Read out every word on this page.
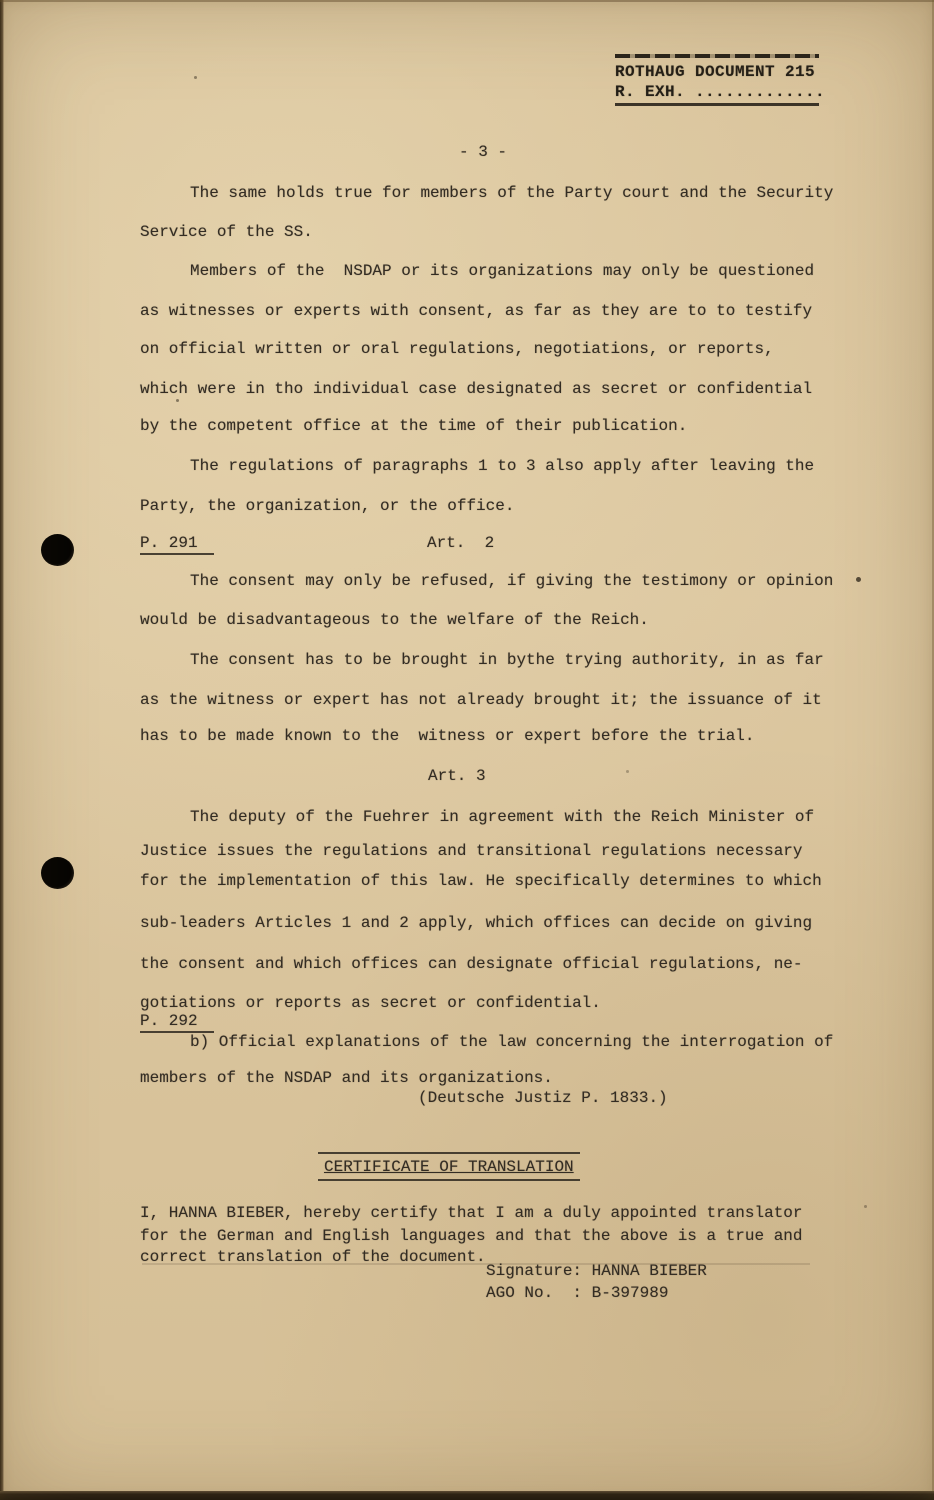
ROTHAUG DOCUMENT 215
R. EXH. .............
- 3 -
The same holds true for members of the Party court and the Security
Service of the SS.
Members of the  NSDAP or its organizations may only be questioned
as witnesses or experts with consent, as far as they are to to testify
on official written or oral regulations, negotiations, or reports,
which were in tho individual case designated as secret or confidential
by the competent office at the time of their publication.
The regulations of paragraphs 1 to 3 also apply after leaving the
Party, the organization, or the office.
P. 291	Art.  2
The consent may only be refused, if giving the testimony or opinion
would be disadvantageous to the welfare of the Reich.
The consent has to be brought in bythe trying authority, in as far
as the witness or expert has not already brought it; the issuance of it
has to be made known to the  witness or expert before the trial.
Art. 3
The deputy of the Fuehrer in agreement with the Reich Minister of
Justice issues the regulations and transitional regulations necessary
for the implementation of this law. He specifically determines to which
sub-leaders Articles 1 and 2 apply, which offices can decide on giving
the consent and which offices can designate official regulations, ne-
gotiations or reports as secret or confidential.
P. 292
b) Official explanations of the law concerning the interrogation of
members of the NSDAP and its organizations.
(Deutsche Justiz P. 1833.)
CERTIFICATE OF TRANSLATION
I, HANNA BIEBER, hereby certify that I am a duly appointed translator
for the German and English languages and that the above is a true and
correct translation of the document.
Signature: HANNA BIEBER
AGO No.  : B-397989
